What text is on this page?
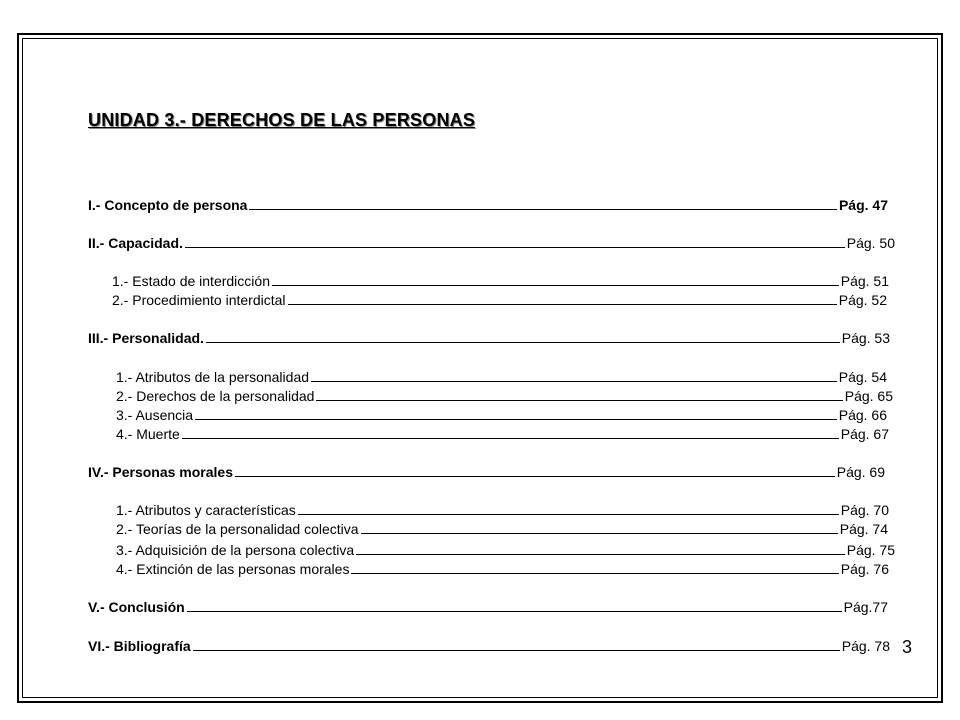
UNIDAD 3.- DERECHOS DE LAS PERSONAS
I.- Concepto de persona	Pág. 47
II.- Capacidad.	Pág. 50
1.- Estado de interdicción	Pág. 51
2.- Procedimiento interdictal	Pág. 52
III.- Personalidad.	Pág. 53
1.- Atributos de la personalidad	Pág. 54
2.- Derechos de la personalidad	Pág. 65
3.- Ausencia	Pág. 66
4.- Muerte	Pág. 67
IV.- Personas morales	Pág. 69
1.- Atributos y características	Pág. 70
2.- Teorías de la personalidad colectiva	Pág. 74
3.- Adquisición de la persona colectiva	Pág. 75
4.- Extinción de las personas morales	Pág. 76
V.- Conclusión	Pág.77
VI.- Bibliografía	Pág. 78 3
